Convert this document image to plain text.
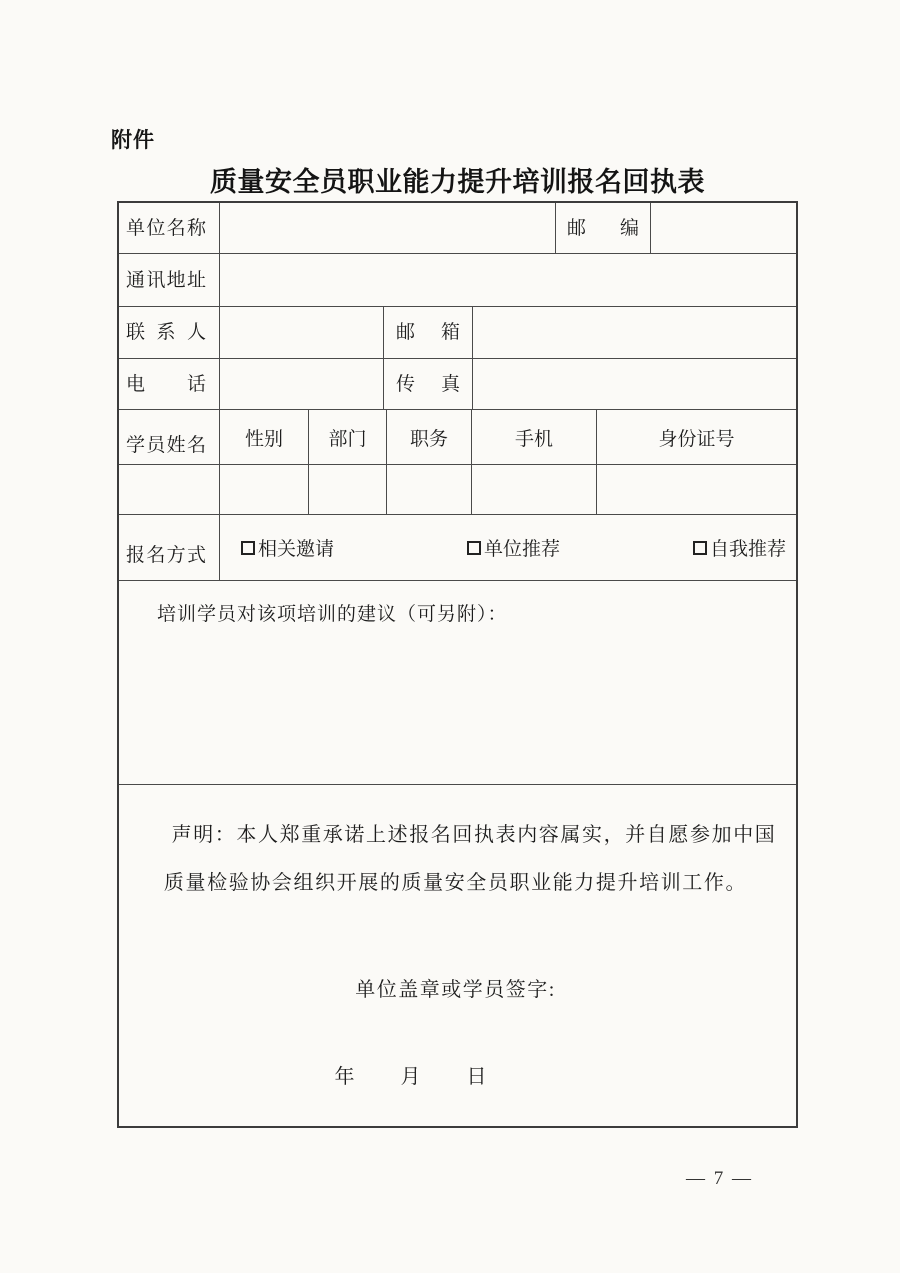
附件
质量安全员职业能力提升培训报名回执表
单位名称	邮编
通讯地址
联系人	邮箱
电话	传真
学员姓名 性别 部门 职务	手机	身份证号
报名方式	相关邀请	单位推荐	自我推荐
培训学员对该项培训的建议（可另附）：
声明：本人郑重承诺上述报名回执表内容属实，并自愿参加中国
质量检验协会组织开展的质量安全员职业能力提升培训工作。
单位盖章或学员签字:
年　　月　　日
— 7 —
